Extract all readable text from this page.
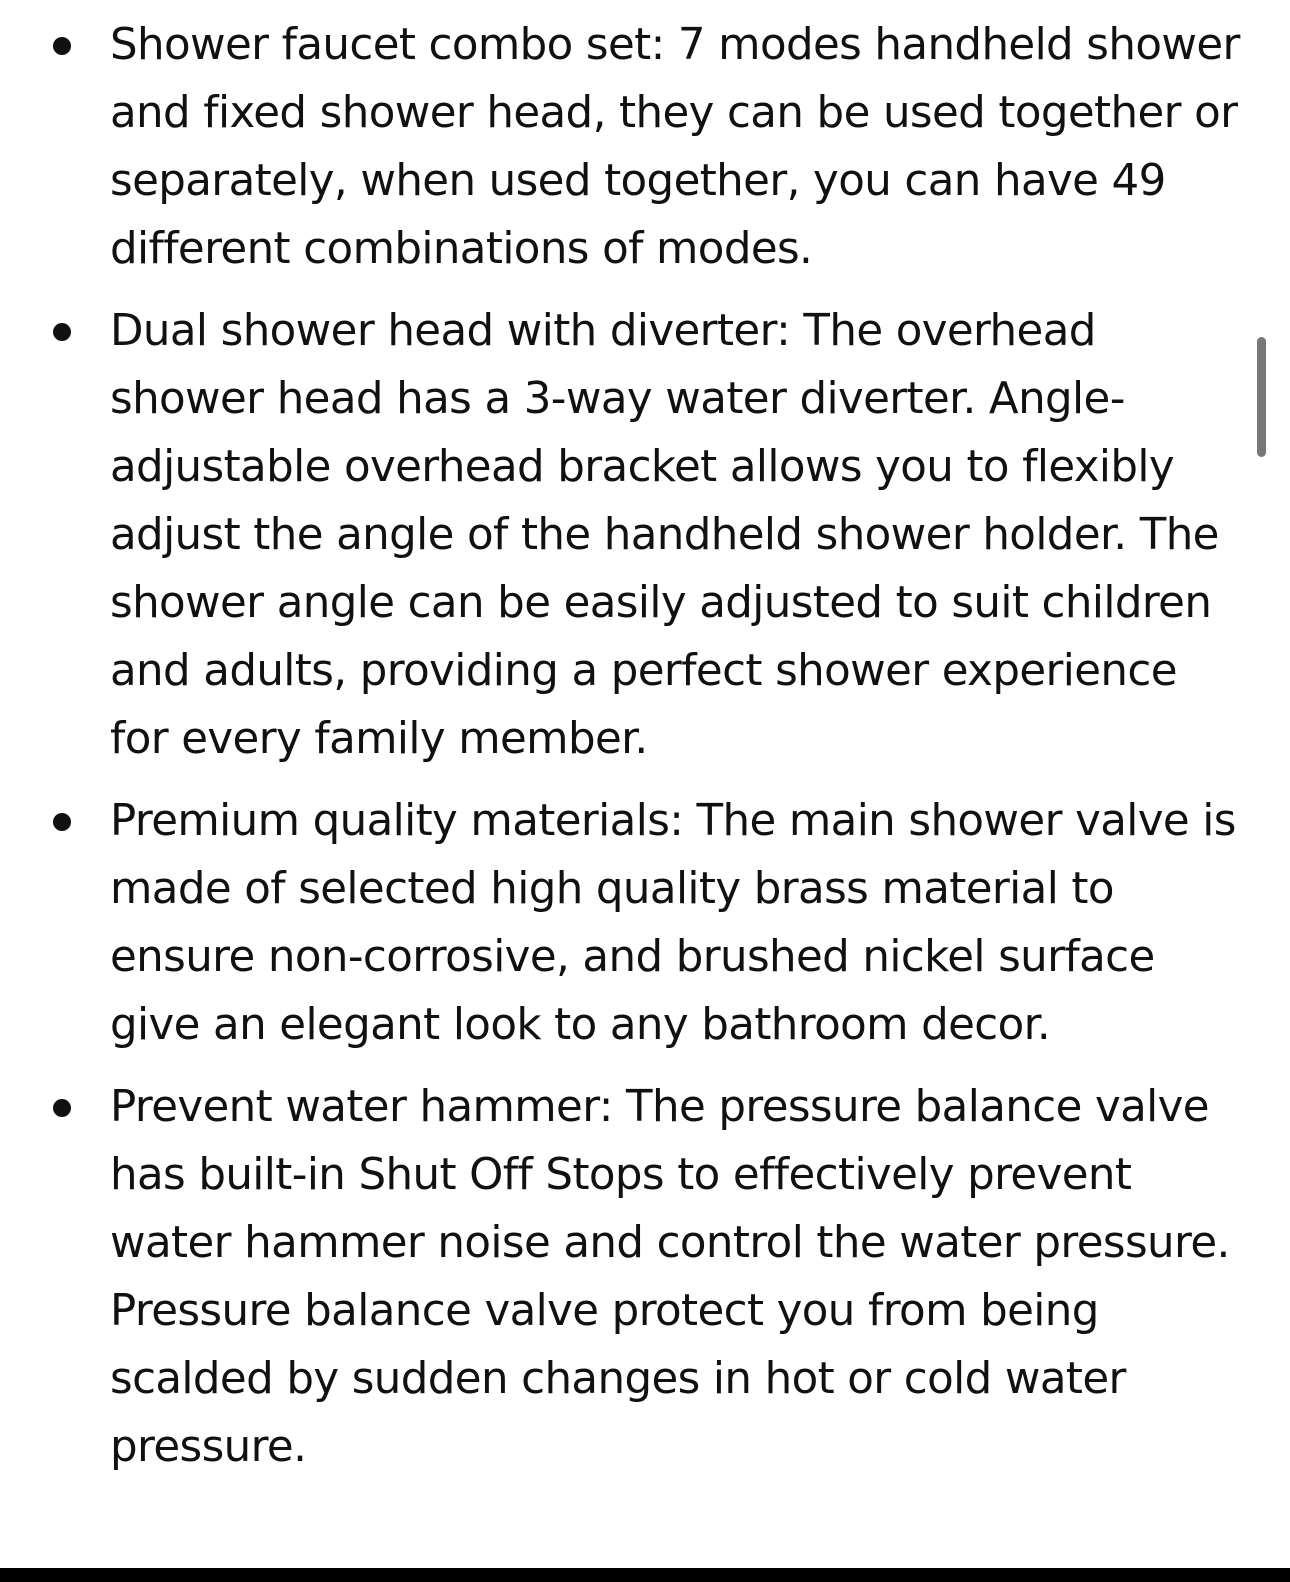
Shower faucet combo set: 7 modes handheld shower and fixed shower head, they can be used together or separately, when used together, you can have 49 different combinations of modes.
Dual shower head with diverter: The overhead shower head has a 3-way water diverter. Angle-adjustable overhead bracket allows you to flexibly adjust the angle of the handheld shower holder. The shower angle can be easily adjusted to suit children and adults, providing a perfect shower experience for every family member.
Premium quality materials: The main shower valve is made of selected high quality brass material to ensure non-corrosive, and brushed nickel surface give an elegant look to any bathroom decor.
Prevent water hammer: The pressure balance valve has built-in Shut Off Stops to effectively prevent water hammer noise and control the water pressure. Pressure balance valve protect you from being scalded by sudden changes in hot or cold water pressure.
